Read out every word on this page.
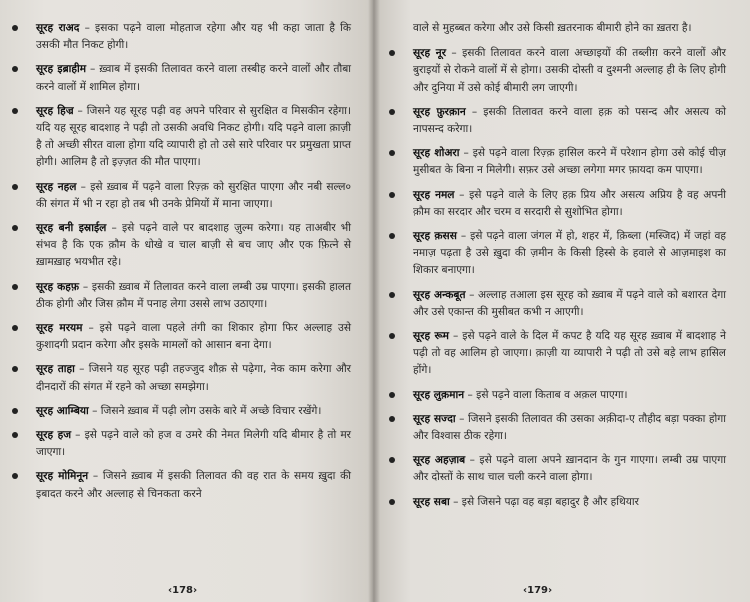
सूरह राअद – इसका पढ़ने वाला मोहताज रहेगा और यह भी कहा जाता है कि उसकी मौत निकट होगी।
सूरह इब्राहीम – ख़्वाब में इसकी तिलावत करने वाला तस्बीह करने वालों और तौबा करने वालों में शामिल होगा।
सूरह हिज्र – जिसने यह सूरह पढ़ी वह अपने परिवार से सुरक्षित व मिसकीन रहेगा। यदि यह सूरह बादशाह ने पढ़ी तो उसकी अवधि निकट होगी। यदि पढ़ने वाला क़ाज़ी है तो अच्छी सीरत वाला होगा यदि व्यापारी हो तो उसे सारे परिवार पर प्रमुखता प्राप्त होगी। आलिम है तो इज़्ज़त की मौत पाएगा।
सूरह नहल – इसे ख़्वाब में पढ़ने वाला रिज़्क़ को सुरक्षित पाएगा और नबी सल्ल० की संगत में भी न रहा हो तब भी उनके प्रेमियों में माना जाएगा।
सूरह बनी इस्राईल – इसे पढ़ने वाले पर बादशाह ज़ुल्म करेगा। यह ताअबीर भी संभव है कि एक क़ौम के धोखे व चाल बाज़ी से बच जाए और एक फ़ित्ने से ख़ामख़ाह भयभीत रहे।
सूरह कहफ़ – इसकी ख़्वाब में तिलावत करने वाला लम्बी उम्र पाएगा। इसकी हालत ठीक होगी और जिस क़ौम में पनाह लेगा उससे लाभ उठाएगा।
सूरह मरयम – इसे पढ़ने वाला पहले तंगी का शिकार होगा फिर अल्लाह उसे कुशादगी प्रदान करेगा और इसके मामलों को आसान बना देगा।
सूरह ताहा – जिसने यह सूरह पढ़ी तहज्जुद शौक़ से पढ़ेगा, नेक काम करेगा और दीनदारों की संगत में रहने को अच्छा समझेगा।
सूरह आम्बिया – जिसने ख़्वाब में पढ़ी लोग उसके बारे में अच्छे विचार रखेंगे।
सूरह हज – इसे पढ़ने वाले को हज व उमरे की नेमत मिलेगी यदि बीमार है तो मर जाएगा।
सूरह मोमिनून – जिसने ख़्वाब में इसकी तिलावत की वह रात के समय ख़ुदा की इबादत करने और अल्लाह से चिनकता करने
‹178›
वाले से मुहब्बत करेगा और उसे किसी ख़तरनाक बीमारी होने का ख़तरा है।
सूरह नूर – इसकी तिलावत करने वाला अच्छाइयों की तब्लीग़ करने वालों और बुराइयों से रोकने वालों में से होगा। उसकी दोस्ती व दुश्मनी अल्लाह ही के लिए होगी और दुनिया में उसे कोई बीमारी लग जाएगी।
सूरह फ़ुरक़ान – इसकी तिलावत करने वाला हक़ को पसन्द और असत्य को नापसन्द करेगा।
सूरह शोअरा – इसे पढ़ने वाला रिज़्क़ हासिल करने में परेशान होगा उसे कोई चीज़ मुसीबत के बिना न मिलेगी। सफ़र उसे अच्छा लगेगा मगर फ़ायदा कम पाएगा।
सूरह नमल – इसे पढ़ने वाले के लिए हक़ प्रिय और असत्य अप्रिय है वह अपनी क़ौम का सरदार और चरम व सरदारी से सुशोभित होगा।
सूरह क़सस – इसे पढ़ने वाला जंगल में हो, शहर में, क़िब्ला (मस्जिद) में जहां वह नमाज़ पढ़ता है उसे ख़ुदा की ज़मीन के किसी हिस्से के हवाले से आज़माइश का शिकार बनाएगा।
सूरह अन्कबूत – अल्लाह तआला इस सूरह को ख़्वाब में पढ़ने वाले को बशारत देगा और उसे एकान्त की मुसीबत कभी न आएगी।
सूरह रूम – इसे पढ़ने वाले के दिल में कपट है यदि यह सूरह ख़्वाब में बादशाह ने पढ़ी तो वह आलिम हो जाएगा। क़ाज़ी या व्यापारी ने पढ़ी तो उसे बड़े लाभ हासिल होंगे।
सूरह लुक़मान – इसे पढ़ने वाला किताब व अक़ल पाएगा।
सूरह सज्दा – जिसने इसकी तिलावत की उसका अक़ीदा-ए तौहीद बड़ा पक्का होगा और विश्वास ठीक रहेगा।
सूरह अहज़ाब – इसे पढ़ने वाला अपने ख़ानदान के गुन गाएगा। लम्बी उम्र पाएगा और दोस्तों के साथ चाल चली करने वाला होगा।
सूरह सबा – इसे जिसने पढ़ा वह बड़ा बहादुर है और हथियार
‹179›
